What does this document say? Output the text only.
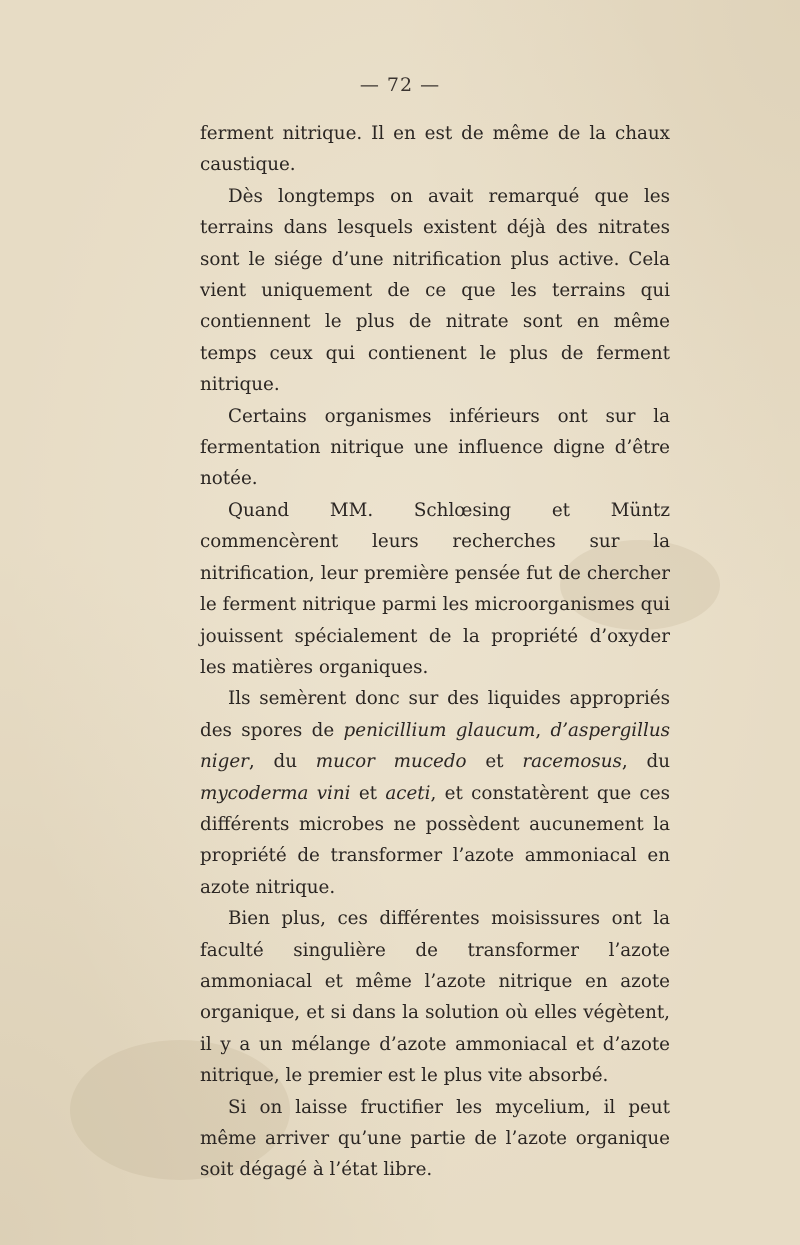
— 72 —

ferment nitrique. Il en est de même de la chaux caustique.

Dès longtemps on avait remarqué que les terrains dans lesquels existent déjà des nitrates sont le siége d’une nitrification plus active. Cela vient uniquement de ce que les terrains qui contiennent le plus de nitrate sont en même temps ceux qui contienent le plus de ferment nitrique.

Certains organismes inférieurs ont sur la fermentation nitrique une influence digne d’être notée.

Quand MM. Schlœsing et Müntz commencèrent leurs recherches sur la nitrification, leur première pensée fut de chercher le ferment nitrique parmi les microorganismes qui jouissent spécialement de la propriété d’oxyder les matières organiques.

Ils semèrent donc sur des liquides appropriés des spores de penicillium glaucum, d’aspergillus niger, du mucor mucedo et racemosus, du mycoderma vini et aceti, et constatèrent que ces différents microbes ne possèdent aucunement la propriété de transformer l’azote ammoniacal en azote nitrique.

Bien plus, ces différentes moisissures ont la faculté singulière de transformer l’azote ammoniacal et même l’azote nitrique en azote organique, et si dans la solution où elles végètent, il y a un mélange d’azote ammoniacal et d’azote nitrique, le premier est le plus vite absorbé.

Si on laisse fructifier les mycelium, il peut même arriver qu’une partie de l’azote organique soit dégagé à l’état libre.
